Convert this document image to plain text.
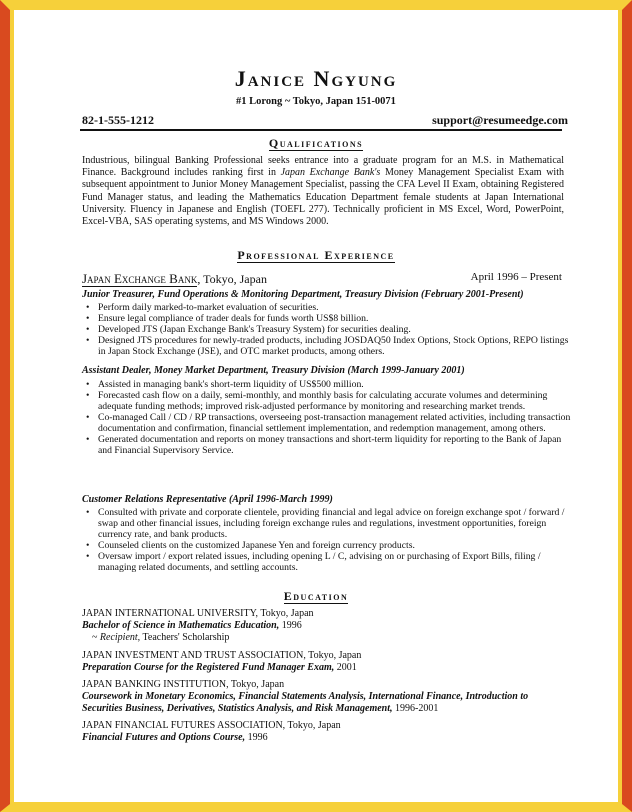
Janice Ngyung
#1 Lorong ~ Tokyo, Japan 151-0071
82-1-555-1212	support@resumeedge.com
Qualifications
Industrious, bilingual Banking Professional seeks entrance into a graduate program for an M.S. in Mathematical Finance. Background includes ranking first in Japan Exchange Bank's Money Management Specialist Exam with subsequent appointment to Junior Money Management Specialist, passing the CFA Level II Exam, obtaining Registered Fund Manager status, and leading the Mathematics Education Department female students at Japan International University. Fluency in Japanese and English (TOEFL 277). Technically proficient in MS Excel, Word, PowerPoint, Excel-VBA, SAS operating systems, and MS Windows 2000.
Professional Experience
Japan Exchange Bank, Tokyo, Japan	April 1996 – Present
Junior Treasurer, Fund Operations & Monitoring Department, Treasury Division (February 2001-Present)
• Perform daily marked-to-market evaluation of securities.
• Ensure legal compliance of trader deals for funds worth US$8 billion.
• Developed JTS (Japan Exchange Bank's Treasury System) for securities dealing.
• Designed JTS procedures for newly-traded products, including JOSDAQ50 Index Options, Stock Options, REPO listings in Japan Stock Exchange (JSE), and OTC market products, among others.
Assistant Dealer, Money Market Department, Treasury Division (March 1999-January 2001)
• Assisted in managing bank's short-term liquidity of US$500 million.
• Forecasted cash flow on a daily, semi-monthly, and monthly basis for calculating accurate volumes and determining adequate funding methods; improved risk-adjusted performance by monitoring and researching market trends.
• Co-managed Call / CD / RP transactions, overseeing post-transaction management related activities, including transaction documentation and confirmation, financial settlement implementation, and redemption management, among others.
• Generated documentation and reports on money transactions and short-term liquidity for reporting to the Bank of Japan and Financial Supervisory Service.
Customer Relations Representative (April 1996-March 1999)
• Consulted with private and corporate clientele, providing financial and legal advice on foreign exchange spot / forward / swap and other financial issues, including foreign exchange rules and regulations, investment opportunities, foreign currency rate, and bank products.
• Counseled clients on the customized Japanese Yen and foreign currency products.
• Oversaw import / export related issues, including opening L / C, advising on or purchasing of Export Bills, filing / managing related documents, and settling accounts.
Education
JAPAN INTERNATIONAL UNIVERSITY, Tokyo, Japan
Bachelor of Science in Mathematics Education, 1996
~ Recipient, Teachers' Scholarship
JAPAN INVESTMENT AND TRUST ASSOCIATION, Tokyo, Japan
Preparation Course for the Registered Fund Manager Exam, 2001
JAPAN BANKING INSTITUTION, Tokyo, Japan
Coursework in Monetary Economics, Financial Statements Analysis, International Finance, Introduction to Securities Business, Derivatives, Statistics Analysis, and Risk Management, 1996-2001
JAPAN FINANCIAL FUTURES ASSOCIATION, Tokyo, Japan
Financial Futures and Options Course, 1996
